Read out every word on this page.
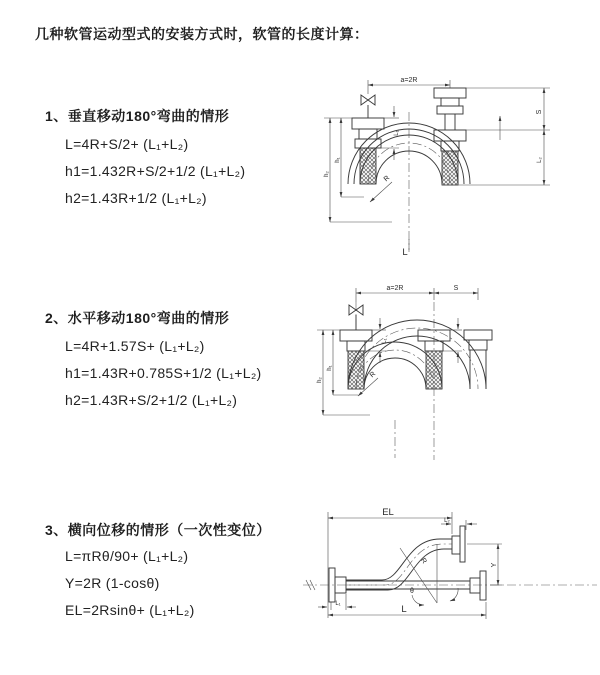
几种软管运动型式的安装方式时，软管的长度计算：
1、垂直移动180°弯曲的情形
L=4R+S/2+ (L₁+L₂)
h1=1.432R+S/2+1/2 (L₁+L₂)
h2=1.43R+1/2 (L₁+L₂)
2、水平移动180°弯曲的情形
L=4R+1.57S+ (L₁+L₂)
h1=1.43R+0.785S+1/2 (L₁+L₂)
h2=1.43R+S/2+1/2 (L₁+L₂)
3、横向位移的情形（一次性变位）
L=πRθ/90+ (L₁+L₂)
Y=2R (1-cosθ)
EL=2Rsinθ+ (L₁+L₂)
a=2R
h₁
h₂
L₁
S
L₂
R
L
a=2R	S
L₁
h₁
h₂
R
EL
L₂
Y
θ
R
L₁	L
